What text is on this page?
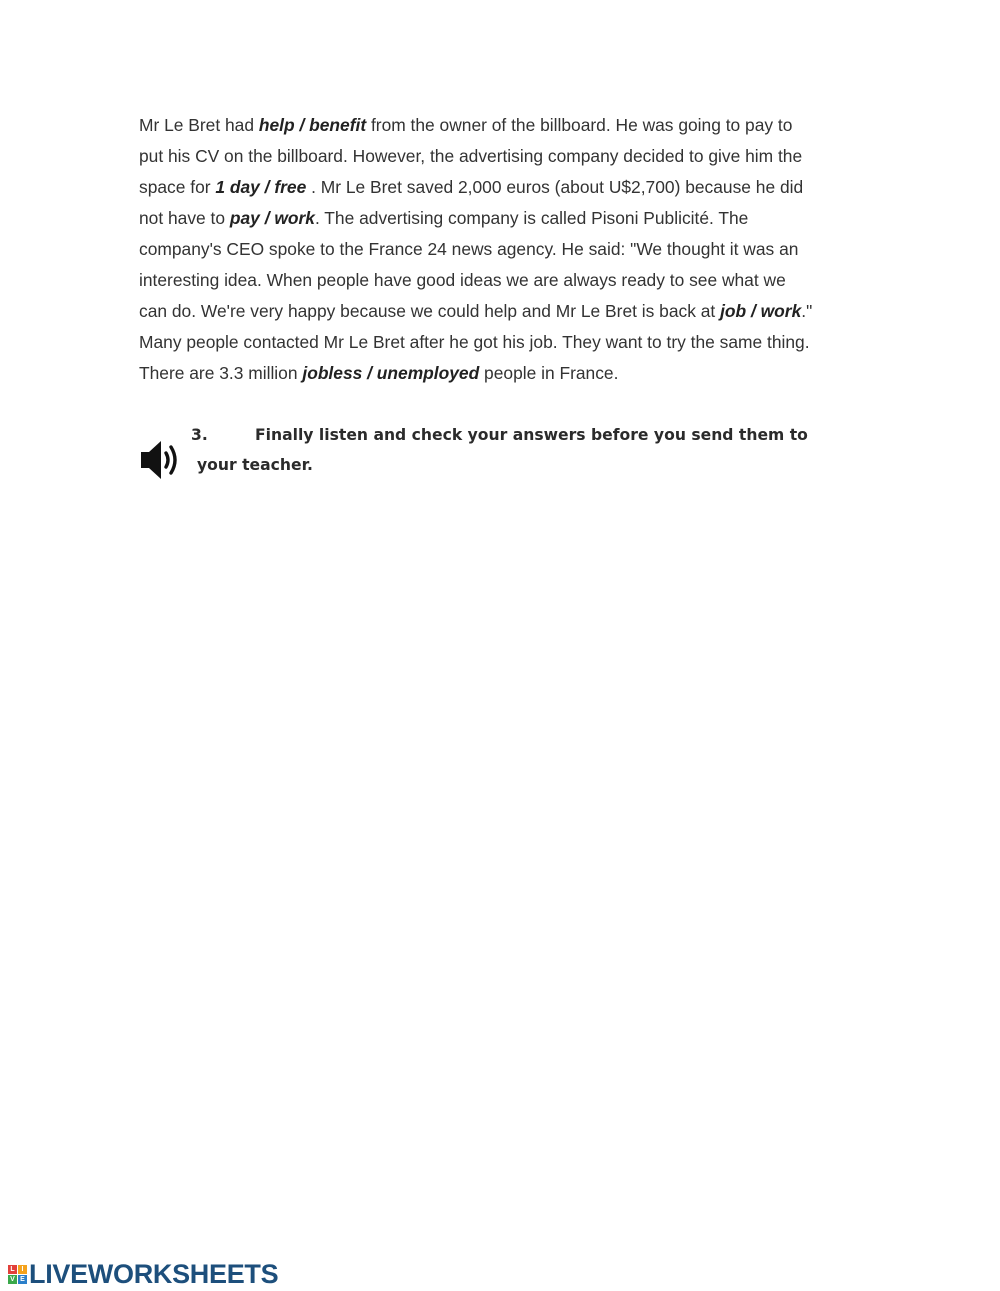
Mr Le Bret had help / benefit from the owner of the billboard. He was going to pay to
put his CV on the billboard. However, the advertising company decided to give him the
space for 1 day / free . Mr Le Bret saved 2,000 euros (about U$2,700) because he did
not have to pay / work. The advertising company is called Pisoni Publicité. The
company's CEO spoke to the France 24 news agency. He said: "We thought it was an
interesting idea. When people have good ideas we are always ready to see what we
can do. We're very happy because we could help and Mr Le Bret is back at job / work."
Many people contacted Mr Le Bret after he got his job. They want to try the same thing.
There are 3.3 million jobless / unemployed people in France.
3.	Finally listen and check your answers before you send them to
your teacher.
L I
V E LIVEWORKSHEETS
